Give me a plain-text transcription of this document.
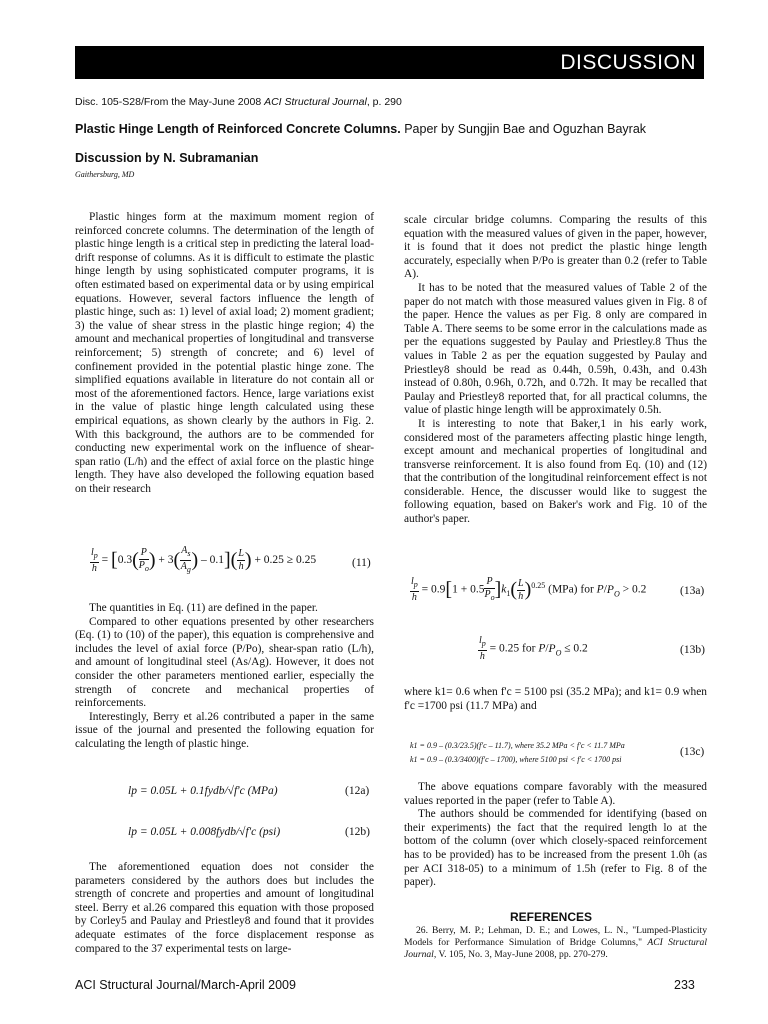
DISCUSSION
Disc. 105-S28/From the May-June 2008 ACI Structural Journal, p. 290
Plastic Hinge Length of Reinforced Concrete Columns. Paper by Sungjin Bae and Oguzhan Bayrak
Discussion by N. Subramanian
Gaithersburg, MD

Plastic hinges form at the maximum moment region of reinforced concrete columns. The determination of the length of plastic hinge length is a critical step in predicting the lateral load-drift response of columns. As it is difficult to estimate the plastic hinge length by using sophisticated computer programs, it is often estimated based on experimental data or by using empirical equations. However, several factors influence the length of plastic hinge, such as: 1) level of axial load; 2) moment gradient; 3) the value of shear stress in the plastic hinge region; 4) the amount and mechanical properties of longitudinal and transverse reinforcement; 5) strength of concrete; and 6) level of confinement provided in the potential plastic hinge zone. The simplified equations available in literature do not contain all or most of the aforementioned factors. Hence, large variations exist in the value of plastic hinge length calculated using these empirical equations, as shown clearly by the authors in Fig. 2. With this background, the authors are to be commended for conducting new experimental work on the influence of shear-span ratio (L/h) and the effect of axial force on the plastic hinge length. They have also developed the following equation based on their research

$\frac{l_p}{h} = [0.3( \frac{P}{P_o}$ ) + $3( \frac{A_s}{A_g}$ ) – $0.1]( \frac{L}{h}$ ) + 0.25 ≥ 0.25	(11)

The quantities in Eq. (11) are defined in the paper.

Compared to other equations presented by other researchers (Eq. (1) to (10) of the paper), this equation is comprehensive and includes the level of axial force (P/Po), shear-span ratio (L/h), and amount of longitudinal steel (As/Ag). However, it does not consider the other parameters mentioned earlier, especially the strength of concrete and mechanical properties of reinforcements.

Interestingly, Berry et al.26 contributed a paper in the same issue of the journal and presented the following equation for calculating the length of plastic hinge.

lp = 0.05L + 0.1fydb/√f'c (MPa)	(12a)
lp = 0.05L + 0.008fydb/√f'c (psi)	(12b)

The aforementioned equation does not consider the parameters considered by the authors does but includes the strength of concrete and properties and amount of longitudinal steel. Berry et al.26 compared this equation with those proposed by Corley5 and Paulay and Priestley8 and found that it provides adequate estimates of the force displacement response as compared to the 37 experimental tests on large-

scale circular bridge columns. Comparing the results of this equation with the measured values of given in the paper, however, it is found that it does not predict the plastic hinge length accurately, especially when P/Po is greater than 0.2 (refer to Table A).

It has to be noted that the measured values of Table 2 of the paper do not match with those measured values given in Fig. 8 of the paper. Hence the values as per Fig. 8 only are compared in Table A. There seems to be some error in the calculations made as per the equations suggested by Paulay and Priestley.8 Thus the values in Table 2 as per the equation suggested by Paulay and Priestley8 should be read as 0.44h, 0.59h, 0.43h, and 0.43h instead of 0.80h, 0.96h, 0.72h, and 0.72h. It may be recalled that Paulay and Priestley8 reported that, for all practical columns, the value of plastic hinge length will be approximately 0.5h.

It is interesting to note that Baker,1 in his early work, considered most of the parameters affecting plastic hinge length, except amount and mechanical properties of longitudinal and transverse reinforcement. It is also found from Eq. (10) and (12) that the contribution of the longitudinal reinforcement effect is not considerable. Hence, the discusser would like to suggest the following equation, based on Baker's work and Fig. 10 of the author's paper.

$\frac{l_p}{h} = 0.9[1 + 0.5 \frac{P}{P_o} ]k_1( \frac{L}{h} )^{0.25}$ (MPa) for $P/P_O > 0.2$	(13a)
$\frac{l_p}{h} = 0.25$ for $P/P_O \le 0.2$	(13b)

where k1= 0.6 when f'c = 5100 psi (35.2 MPa); and k1= 0.9 when f'c =1700 psi (11.7 MPa) and

k1 = 0.9 – (0.3/23.5)(f'c – 11.7), where 35.2 MPa < f'c < 11.7 MPa
k1 = 0.9 – (0.3/3400)(f'c – 1700), where 5100 psi < f'c < 1700 psi
(13c)

The above equations compare favorably with the measured values reported in the paper (refer to Table A).

The authors should be commended for identifying (based on their experiments) the fact that the required length lo at the bottom of the column (over which closely-spaced reinforcement has to be provided) has to be increased from the present 1.0h (as per ACI 318-05) to a minimum of 1.5h (refer to Fig. 8 of the paper).

REFERENCES
26. Berry, M. P.; Lehman, D. E.; and Lowes, L. N., "Lumped-Plasticity Models for Performance Simulation of Bridge Columns," ACI Structural Journal, V. 105, No. 3, May-June 2008, pp. 270-279.
ACI Structural Journal/March-April 2009	233
